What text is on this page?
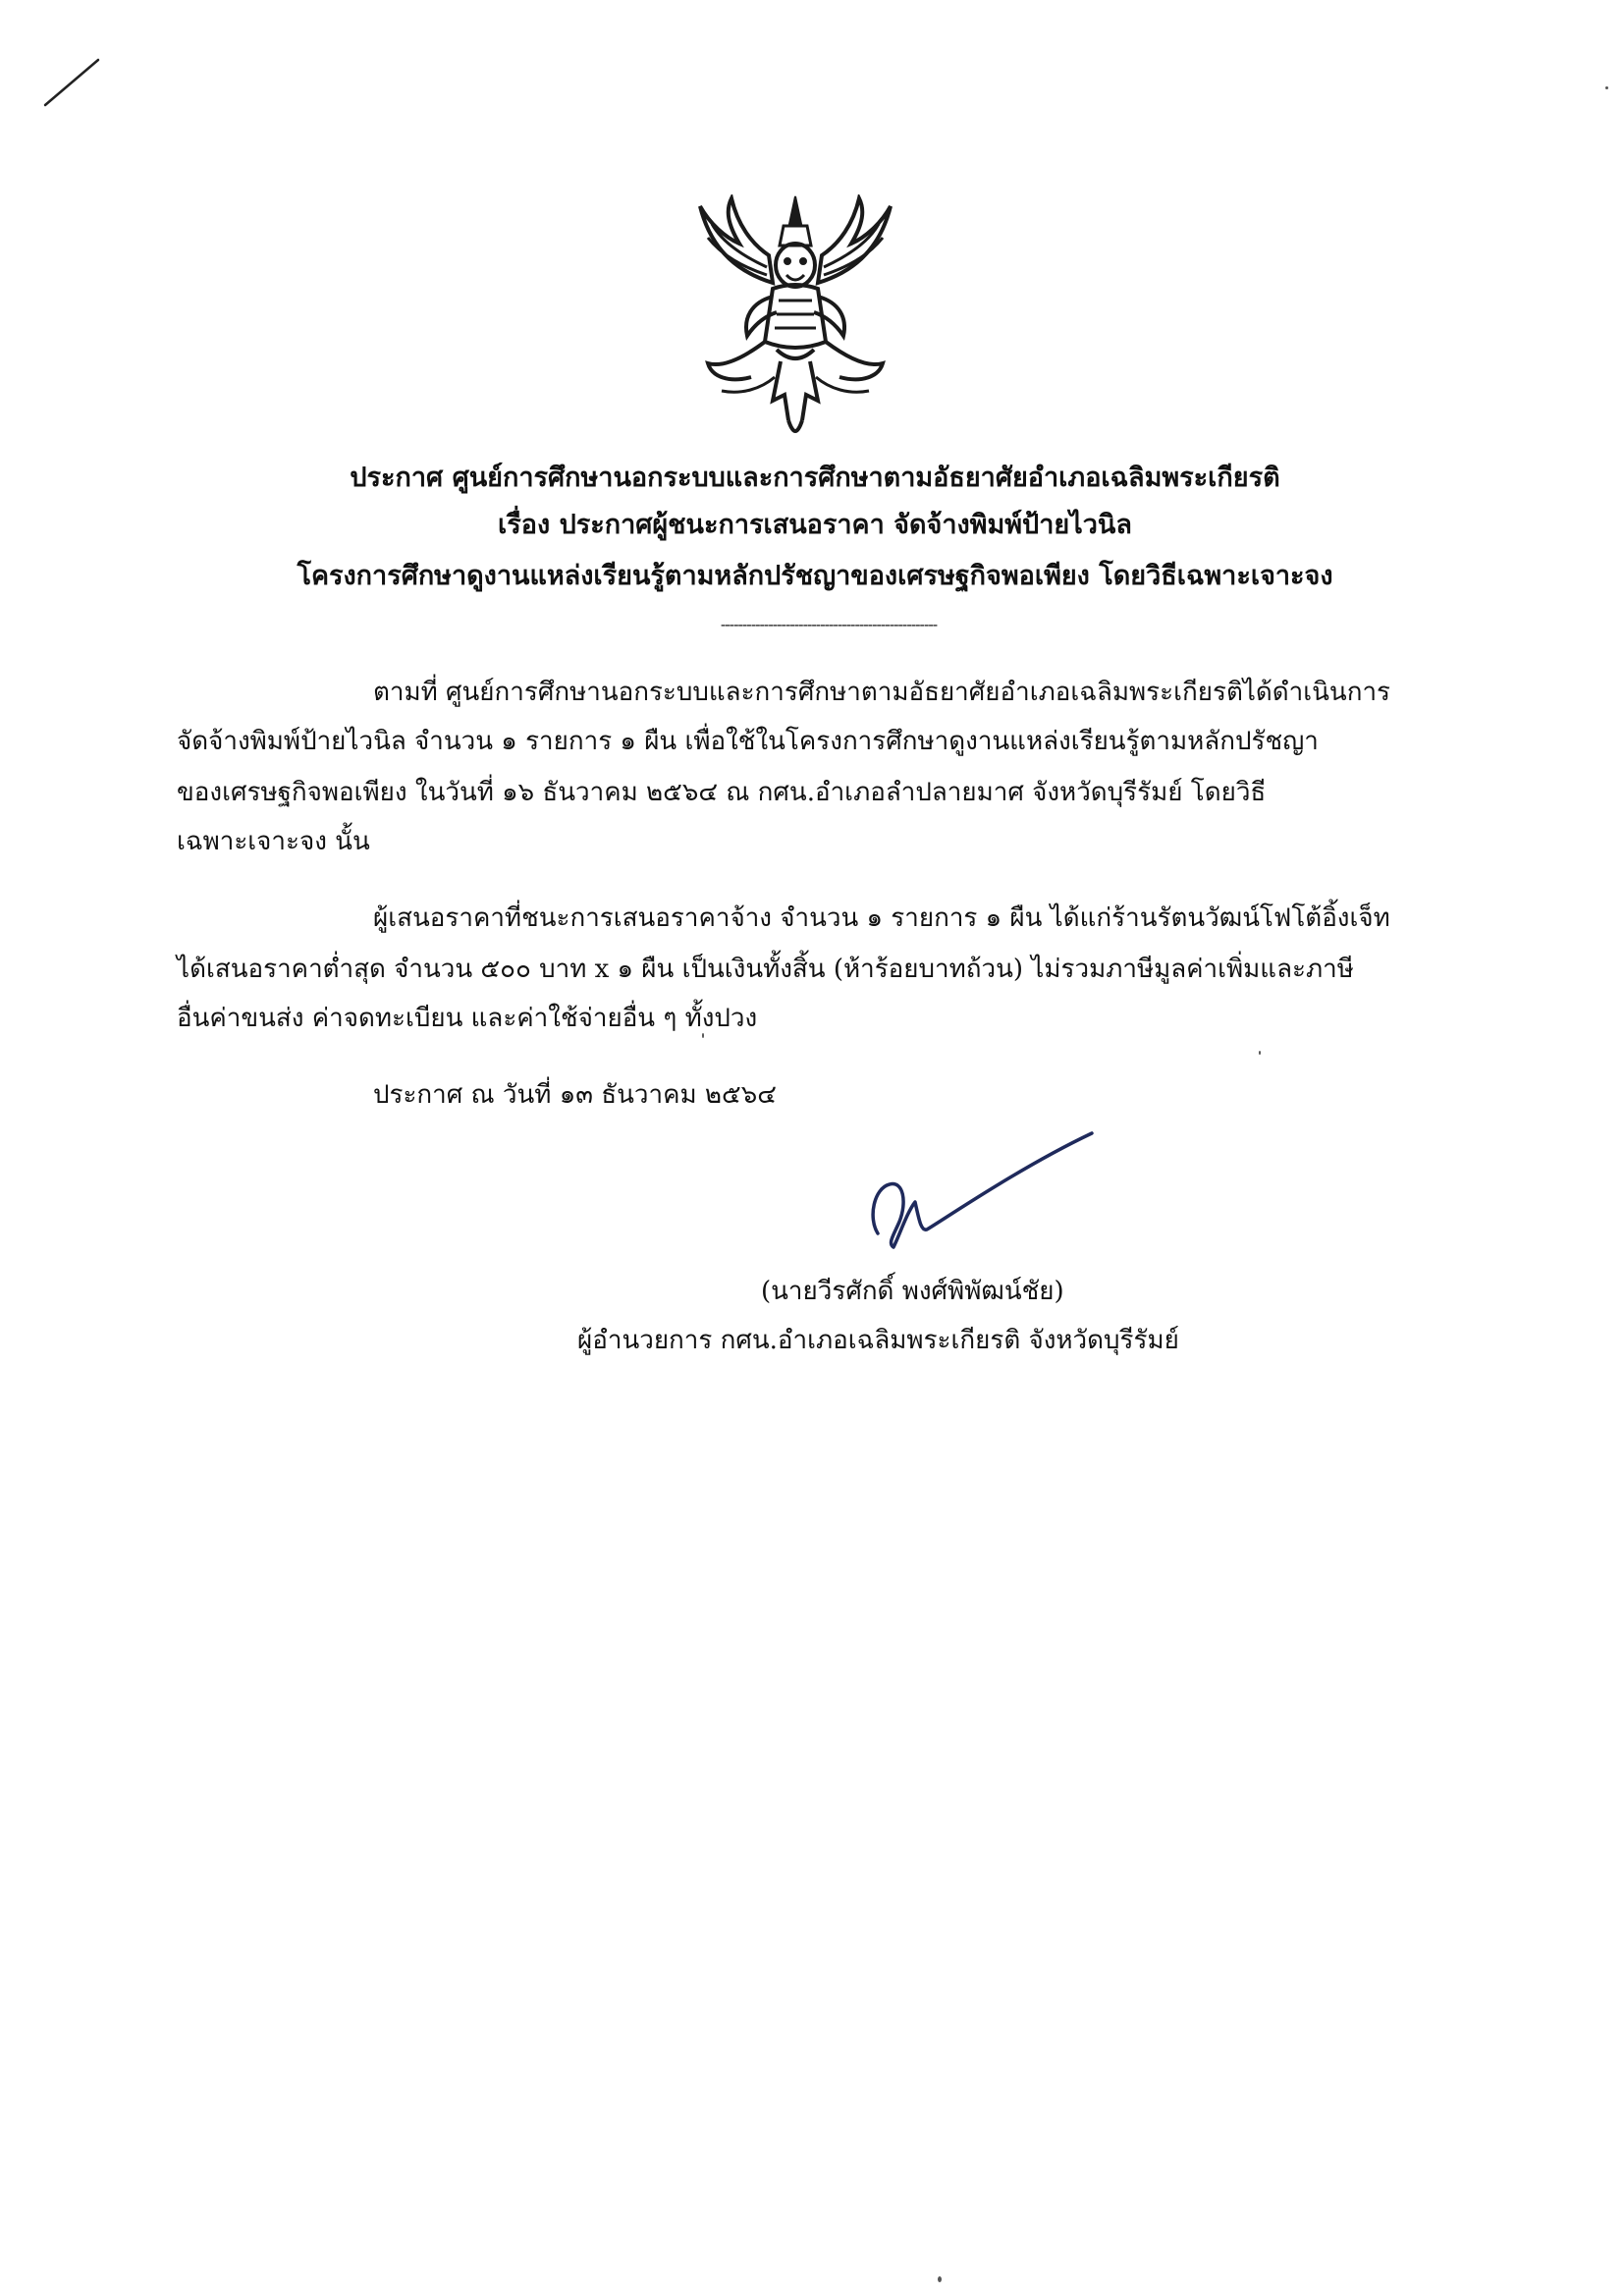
ประกาศ ศูนย์การศึกษานอกระบบและการศึกษาตามอัธยาศัยอำเภอเฉลิมพระเกียรติ
เรื่อง ประกาศผู้ชนะการเสนอราคา จัดจ้างพิมพ์ป้ายไวนิล
โครงการศึกษาดูงานแหล่งเรียนรู้ตามหลักปรัชญาของเศรษฐกิจพอเพียง โดยวิธีเฉพาะเจาะจง
--------------------------------------------------
ตามที่ ศูนย์การศึกษานอกระบบและการศึกษาตามอัธยาศัยอำเภอเฉลิมพระเกียรติได้ดำเนินการ
จัดจ้างพิมพ์ป้ายไวนิล จำนวน ๑ รายการ ๑ ผืน เพื่อใช้ในโครงการศึกษาดูงานแหล่งเรียนรู้ตามหลักปรัชญา
ของเศรษฐกิจพอเพียง ในวันที่ ๑๖ ธันวาคม ๒๕๖๔ ณ กศน.อำเภอลำปลายมาศ จังหวัดบุรีรัมย์ โดยวิธี
เฉพาะเจาะจง นั้น
ผู้เสนอราคาที่ชนะการเสนอราคาจ้าง จำนวน ๑ รายการ ๑ ผืน ได้แก่ร้านรัตนวัฒน์โฟโต้อิ้งเจ็ท
ได้เสนอราคาต่ำสุด จำนวน ๕๐๐ บาท x ๑ ผืน เป็นเงินทั้งสิ้น (ห้าร้อยบาทถ้วน) ไม่รวมภาษีมูลค่าเพิ่มและภาษี
อื่นค่าขนส่ง ค่าจดทะเบียน และค่าใช้จ่ายอื่น ๆ ทั้งปวง
ประกาศ ณ วันที่ ๑๓ ธันวาคม ๒๕๖๔
(นายวีรศักดิ์ พงศ์พิพัฒน์ชัย)
ผู้อำนวยการ กศน.อำเภอเฉลิมพระเกียรติ จังหวัดบุรีรัมย์
